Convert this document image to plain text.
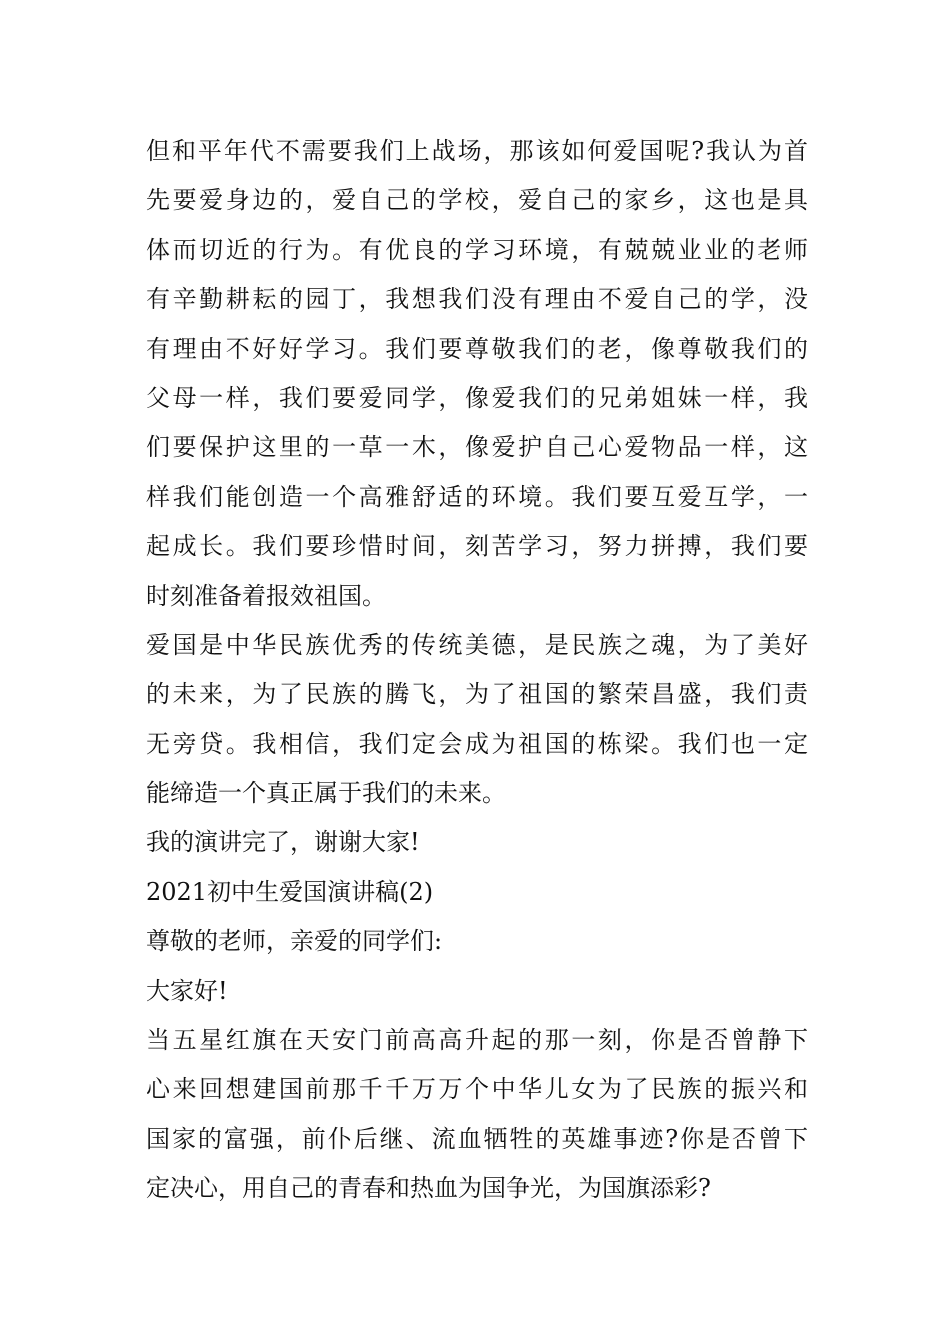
但和平年代不需要我们上战场，那该如何爱国呢?我认为首
先要爱身边的，爱自己的学校，爱自己的家乡，这也是具
体而切近的行为。有优良的学习环境，有兢兢业业的老师
有辛勤耕耘的园丁，我想我们没有理由不爱自己的学，没
有理由不好好学习。我们要尊敬我们的老，像尊敬我们的
父母一样，我们要爱同学，像爱我们的兄弟姐妹一样，我
们要保护这里的一草一木，像爱护自己心爱物品一样，这
样我们能创造一个高雅舒适的环境。我们要互爱互学，一
起成长。我们要珍惜时间，刻苦学习，努力拼搏，我们要
时刻准备着报效祖国。
爱国是中华民族优秀的传统美德，是民族之魂，为了美好
的未来，为了民族的腾飞，为了祖国的繁荣昌盛，我们责
无旁贷。我相信，我们定会成为祖国的栋梁。我们也一定
能缔造一个真正属于我们的未来。
我的演讲完了，谢谢大家!
2021初中生爱国演讲稿(2)
尊敬的老师，亲爱的同学们:
大家好!
当五星红旗在天安门前高高升起的那一刻，你是否曾静下
心来回想建国前那千千万万个中华儿女为了民族的振兴和
国家的富强，前仆后继、流血牺牲的英雄事迹?你是否曾下
定决心，用自己的青春和热血为国争光，为国旗添彩?
